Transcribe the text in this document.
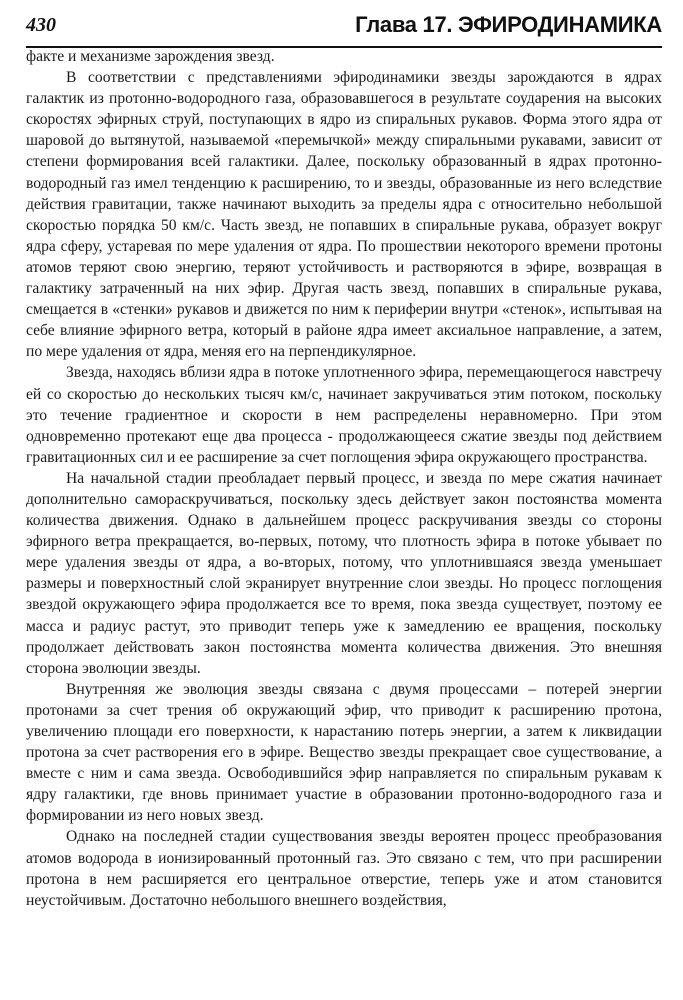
430	Глава 17. ЭФИРОДИНАМИКА

факте и механизме зарождения звезд.

В соответствии с представлениями эфиродинамики звезды зарождаются в ядрах галактик из протонно-водородного газа, образовавшегося в результате соударения на высоких скоростях эфирных струй, поступающих в ядро из спиральных рукавов. Форма этого ядра от шаровой до вытянутой, называемой «перемычкой» между спиральными рукавами, зависит от степени формирования всей галактики. Далее, поскольку образованный в ядрах протонно-водородный газ имел тенденцию к расширению, то и звезды, образованные из него вследствие действия гравитации, также начинают выходить за пределы ядра с относительно небольшой скоростью порядка 50 км/с. Часть звезд, не попавших в спиральные рукава, образует вокруг ядра сферу, устаревая по мере удаления от ядра. По прошествии некоторого времени протоны атомов теряют свою энергию, теряют устойчивость и растворяются в эфире, возвращая в галактику затраченный на них эфир. Другая часть звезд, попавших в спиральные рукава, смещается в «стенки» рукавов и движется по ним к периферии внутри «стенок», испытывая на себе влияние эфирного ветра, который в районе ядра имеет аксиальное направление, а затем, по мере удаления от ядра, меняя его на перпендикулярное.

Звезда, находясь вблизи ядра в потоке уплотненного эфира, перемещающегося навстречу ей со скоростью до нескольких тысяч км/с, начинает закручиваться этим потоком, поскольку это течение градиентное и скорости в нем распределены неравномерно. При этом одновременно протекают еще два процесса - продолжающееся сжатие звезды под действием гравитационных сил и ее расширение за счет поглощения эфира окружающего пространства.

На начальной стадии преобладает первый процесс, и звезда по мере сжатия начинает дополнительно самораскручиваться, поскольку здесь действует закон постоянства момента количества движения. Однако в дальнейшем процесс раскручивания звезды со стороны эфирного ветра прекращается, во-первых, потому, что плотность эфира в потоке убывает по мере удаления звезды от ядра, а во-вторых, потому, что уплотнившаяся звезда уменьшает размеры и поверхностный слой экранирует внутренние слои звезды. Но процесс поглощения звездой окружающего эфира продолжается все то время, пока звезда существует, поэтому ее масса и радиус растут, это приводит теперь уже к замедлению ее вращения, поскольку продолжает действовать закон постоянства момента количества движения. Это внешняя сторона эволюции звезды.

Внутренняя же эволюция звезды связана с двумя процессами – потерей энергии протонами за счет трения об окружающий эфир, что приводит к расширению протона, увеличению площади его поверхности, к нарастанию потерь энергии, а затем к ликвидации протона за счет растворения его в эфире. Вещество звезды прекращает свое существование, а вместе с ним и сама звезда. Освободившийся эфир направляется по спиральным рукавам к ядру галактики, где вновь принимает участие в образовании протонно-водородного газа и формировании из него новых звезд.

Однако на последней стадии существования звезды вероятен процесс преобразования атомов водорода в ионизированный протонный газ. Это связано с тем, что при расширении протона в нем расширяется его центральное отверстие, теперь уже и атом становится неустойчивым. Достаточно небольшого внешнего воздействия,
